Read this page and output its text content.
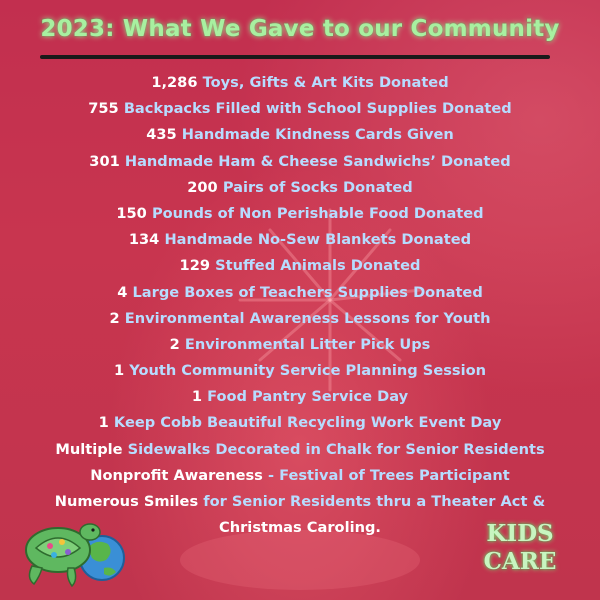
2023: What We Gave to our Community
1,286 Toys, Gifts & Art Kits Donated
755 Backpacks Filled with School Supplies Donated
435 Handmade Kindness Cards Given
301 Handmade Ham & Cheese Sandwichs’ Donated
200 Pairs of Socks Donated
150 Pounds of Non Perishable Food Donated
134 Handmade No-Sew Blankets Donated
129 Stuffed Animals Donated
4 Large Boxes of Teachers Supplies Donated
2 Environmental Awareness Lessons for Youth
2 Environmental Litter Pick Ups
1 Youth Community Service Planning Session
1 Food Pantry Service Day
1 Keep Cobb Beautiful Recycling Work Event Day
Multiple Sidewalks Decorated in Chalk for Senior Residents
Nonprofit Awareness - Festival of Trees Participant
Numerous Smiles for Senior Residents thru a Theater Act &
Christmas Caroling.	KIDS
CARE
